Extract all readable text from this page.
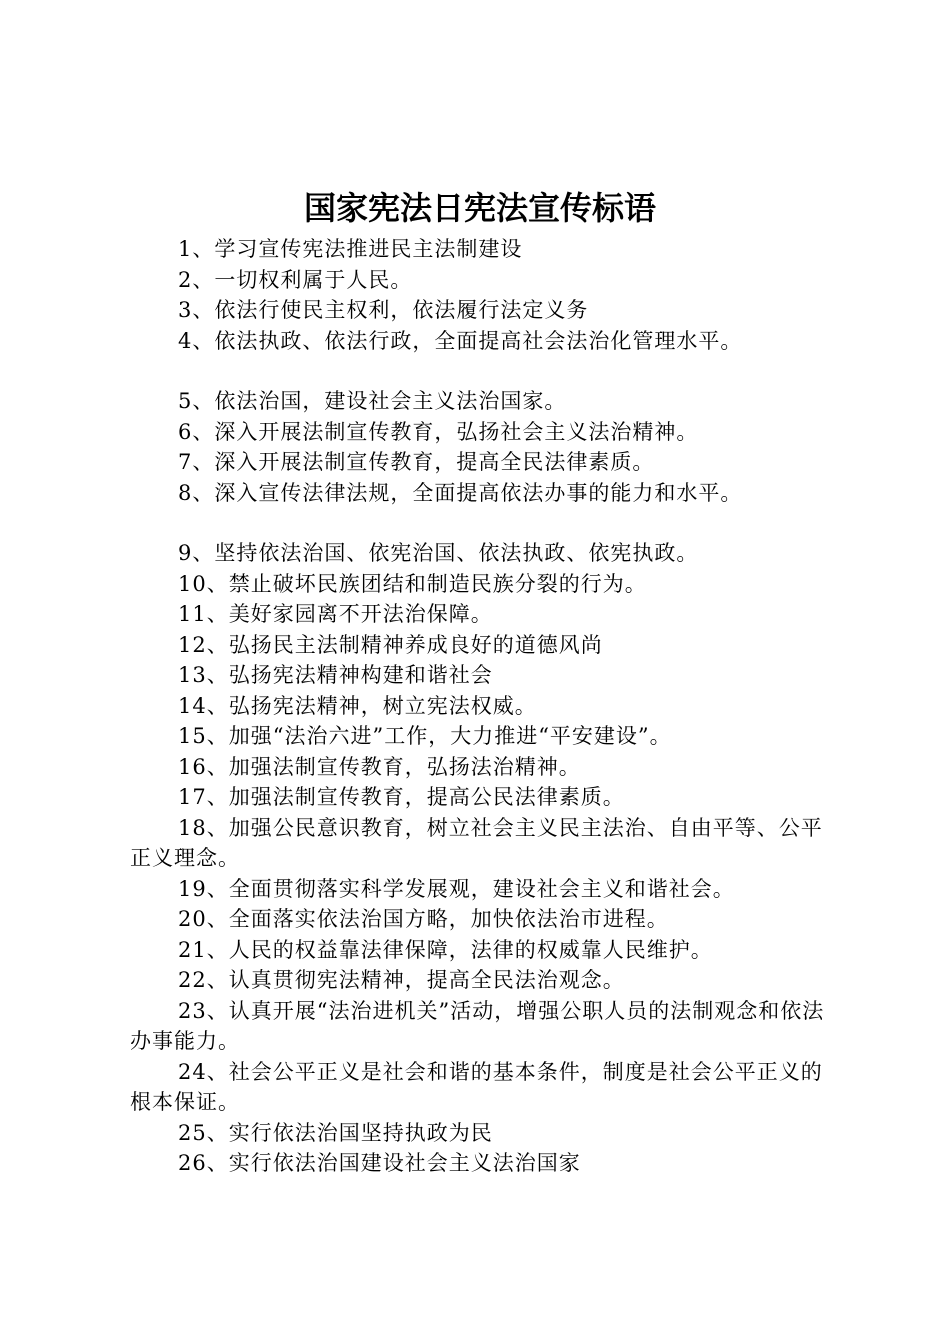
国家宪法日宪法宣传标语
1、学习宣传宪法推进民主法制建设
2、一切权利属于人民。
3、依法行使民主权利，依法履行法定义务
4、依法执政、依法行政，全面提高社会法治化管理水平。
5、依法治国，建设社会主义法治国家。
6、深入开展法制宣传教育，弘扬社会主义法治精神。
7、深入开展法制宣传教育，提高全民法律素质。
8、深入宣传法律法规，全面提高依法办事的能力和水平。
9、坚持依法治国、依宪治国、依法执政、依宪执政。
10、禁止破坏民族团结和制造民族分裂的行为。
11、美好家园离不开法治保障。
12、弘扬民主法制精神养成良好的道德风尚
13、弘扬宪法精神构建和谐社会
14、弘扬宪法精神，树立宪法权威。
15、加强“法治六进”工作，大力推进“平安建设”。
16、加强法制宣传教育，弘扬法治精神。
17、加强法制宣传教育，提高公民法律素质。
18、加强公民意识教育，树立社会主义民主法治、自由平等、公平正义理念。
19、全面贯彻落实科学发展观，建设社会主义和谐社会。
20、全面落实依法治国方略，加快依法治市进程。
21、人民的权益靠法律保障，法律的权威靠人民维护。
22、认真贯彻宪法精神，提高全民法治观念。
23、认真开展“法治进机关”活动，增强公职人员的法制观念和依法办事能力。
24、社会公平正义是社会和谐的基本条件，制度是社会公平正义的根本保证。
25、实行依法治国坚持执政为民
26、实行依法治国建设社会主义法治国家
